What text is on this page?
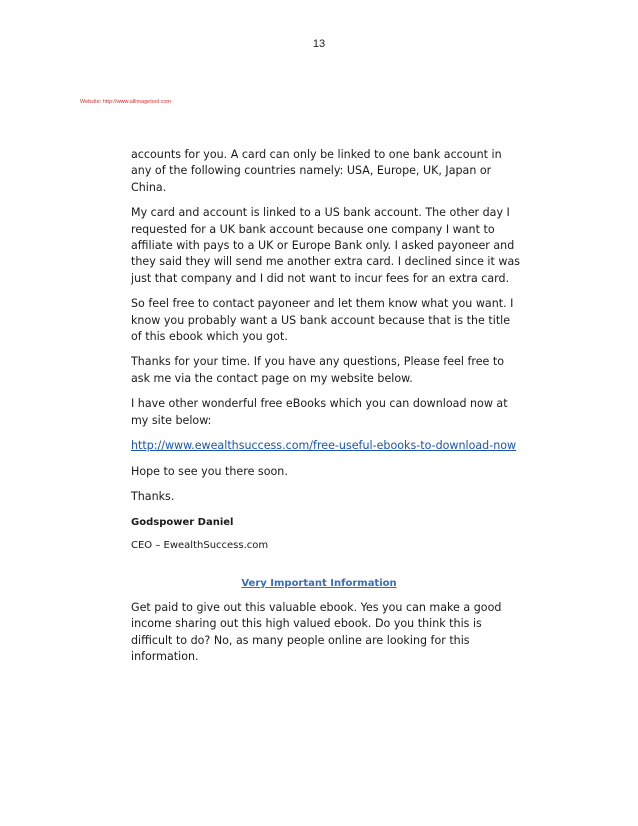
13
Website: http://www.allimagetool.com

accounts for you. A card can only be linked to one bank account in any of the following countries namely: USA, Europe, UK, Japan or China.

My card and account is linked to a US bank account. The other day I requested for a UK bank account because one company I want to affiliate with pays to a UK or Europe Bank only. I asked payoneer and they said they will send me another extra card. I declined since it was just that company and I did not want to incur fees for an extra card.

So feel free to contact payoneer and let them know what you want. I know you probably want a US bank account because that is the title of this ebook which you got.

Thanks for your time. If you have any questions, Please feel free to ask me via the contact page on my website below.

I have other wonderful free eBooks which you can download now at my site below:

http://www.ewealthsuccess.com/free-useful-ebooks-to-download-now

Hope to see you there soon.

Thanks.

Godspower Daniel

CEO – EwealthSuccess.com

Very Important Information

Get paid to give out this valuable ebook. Yes you can make a good income sharing out this high valued ebook. Do you think this is difficult to do? No, as many people online are looking for this information.
